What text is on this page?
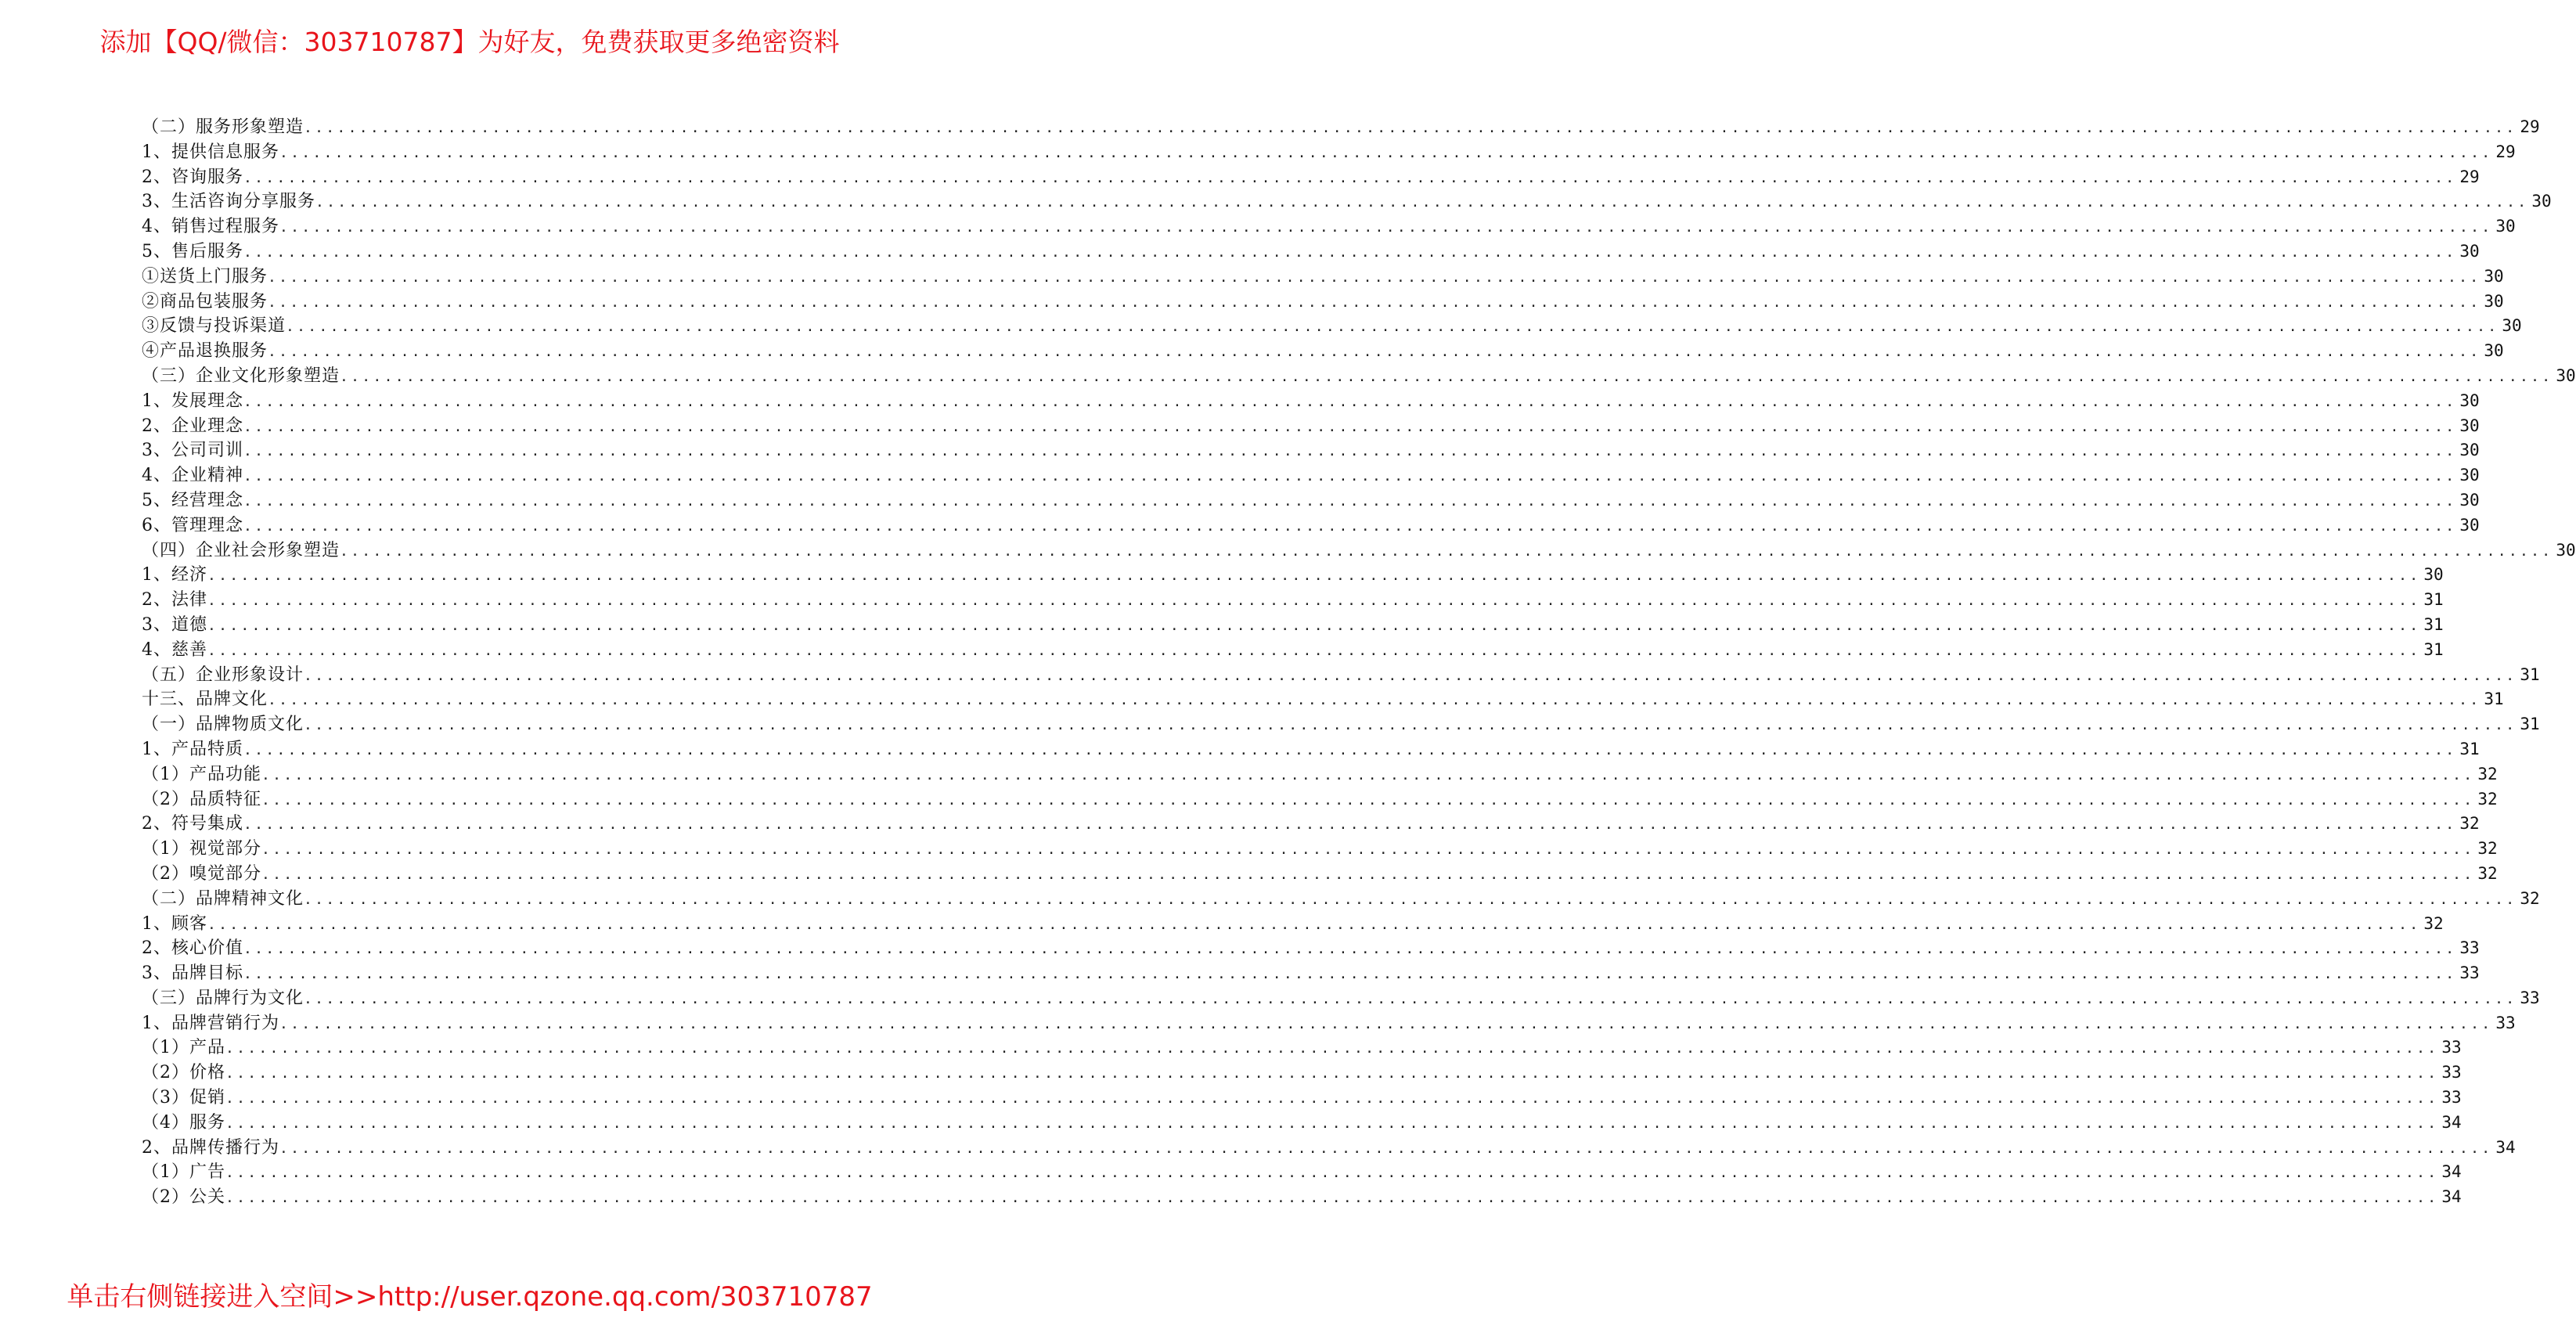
添加【QQ/微信：303710787】为好友，免费获取更多绝密资料
（二）服务形象塑造 ........................................................................................................................................................................................................ 29
1、提供信息服务 ........................................................................................................................................................................................................ 29
2、咨询服务 ........................................................................................................................................................................................................ 29
3、生活咨询分享服务 ........................................................................................................................................................................................................ 30
4、销售过程服务 ........................................................................................................................................................................................................ 30
5、售后服务 ........................................................................................................................................................................................................ 30
①送货上门服务 ........................................................................................................................................................................................................ 30
②商品包装服务 ........................................................................................................................................................................................................ 30
③反馈与投诉渠道 ........................................................................................................................................................................................................ 30
④产品退换服务 ........................................................................................................................................................................................................ 30
（三）企业文化形象塑造 ........................................................................................................................................................................................................ 30
1、发展理念 ........................................................................................................................................................................................................ 30
2、企业理念 ........................................................................................................................................................................................................ 30
3、公司司训 ........................................................................................................................................................................................................ 30
4、企业精神 ........................................................................................................................................................................................................ 30
5、经营理念 ........................................................................................................................................................................................................ 30
6、管理理念 ........................................................................................................................................................................................................ 30
（四）企业社会形象塑造 ........................................................................................................................................................................................................ 30
1、经济 ........................................................................................................................................................................................................ 30
2、法律 ........................................................................................................................................................................................................ 31
3、道德 ........................................................................................................................................................................................................ 31
4、慈善 ........................................................................................................................................................................................................ 31
（五）企业形象设计 ........................................................................................................................................................................................................ 31
十三、品牌文化 ........................................................................................................................................................................................................ 31
（一）品牌物质文化 ........................................................................................................................................................................................................ 31
1、产品特质 ........................................................................................................................................................................................................ 31
（1）产品功能 ........................................................................................................................................................................................................ 32
（2）品质特征 ........................................................................................................................................................................................................ 32
2、符号集成 ........................................................................................................................................................................................................ 32
（1）视觉部分 ........................................................................................................................................................................................................ 32
（2）嗅觉部分 ........................................................................................................................................................................................................ 32
（二）品牌精神文化 ........................................................................................................................................................................................................ 32
1、顾客 ........................................................................................................................................................................................................ 32
2、核心价值 ........................................................................................................................................................................................................ 33
3、品牌目标 ........................................................................................................................................................................................................ 33
（三）品牌行为文化 ........................................................................................................................................................................................................ 33
1、品牌营销行为 ........................................................................................................................................................................................................ 33
（1）产品 ........................................................................................................................................................................................................ 33
（2）价格 ........................................................................................................................................................................................................ 33
（3）促销 ........................................................................................................................................................................................................ 33
（4）服务 ........................................................................................................................................................................................................ 34
2、品牌传播行为 ........................................................................................................................................................................................................ 34
（1）广告 ........................................................................................................................................................................................................ 34
（2）公关 ........................................................................................................................................................................................................ 34
单击右侧链接进入空间>>http://user.qzone.qq.com/303710787
